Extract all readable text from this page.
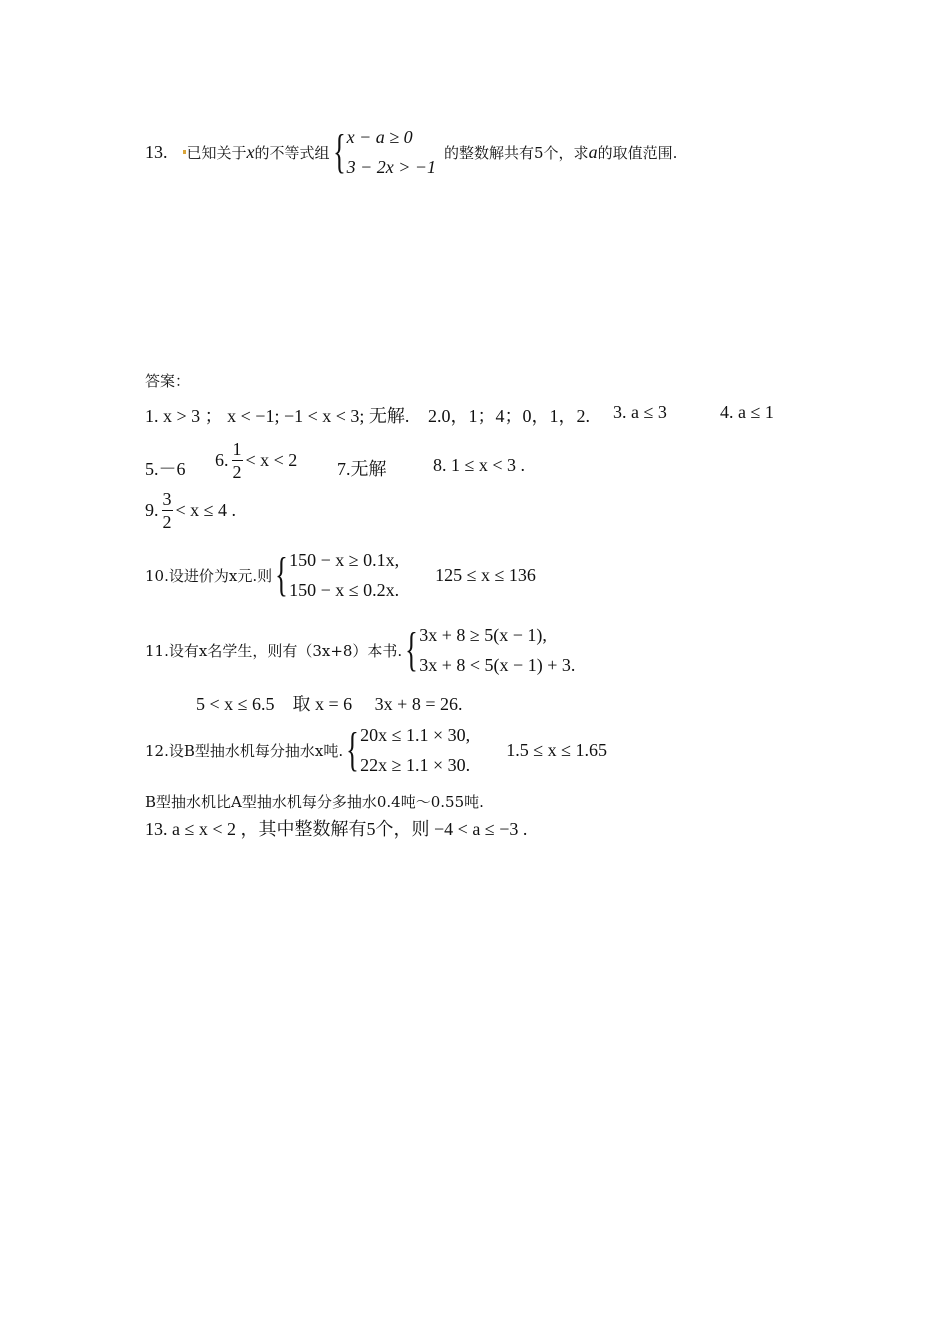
13. 已知关于 x 的不等式组 { x − a ≥ 0
3 − 2x > −1
的整数解共有5个，求 a 的取值范围.
答案：
1. x > 3 ； x < −1; −1 < x < 3; 无解. 2.0，1；4；0，1，2. 3. a ≤ 3	4. a ≤ 1
5.－6 6. $\frac{1}{2} < x < 2$ 7.无解	8. 1 ≤ x < 3 .
9. $\frac{3}{2} < x \le 4$ .
10.设进价为x元.则 { 150 − x ≥ 0.1x,
150 − x ≤ 0.2x.
125 ≤ x ≤ 136
11.设有x名学生，则有（3x+8）本书. { 3x + 8 ≥ 5(x − 1),
3x + 8 < 5(x − 1) + 3.
5 < x ≤ 6.5    取 x = 6     3x + 8 = 26.
12.设B型抽水机每分抽水x吨. { 20x ≤ 1.1 × 30,
22x ≥ 1.1 × 30.
1.5 ≤ x ≤ 1.65
B型抽水机比A型抽水机每分多抽水0.4吨～0.55吨.
13. a ≤ x < 2 ，其中整数解有5个，则 −4 < a ≤ −3 .
